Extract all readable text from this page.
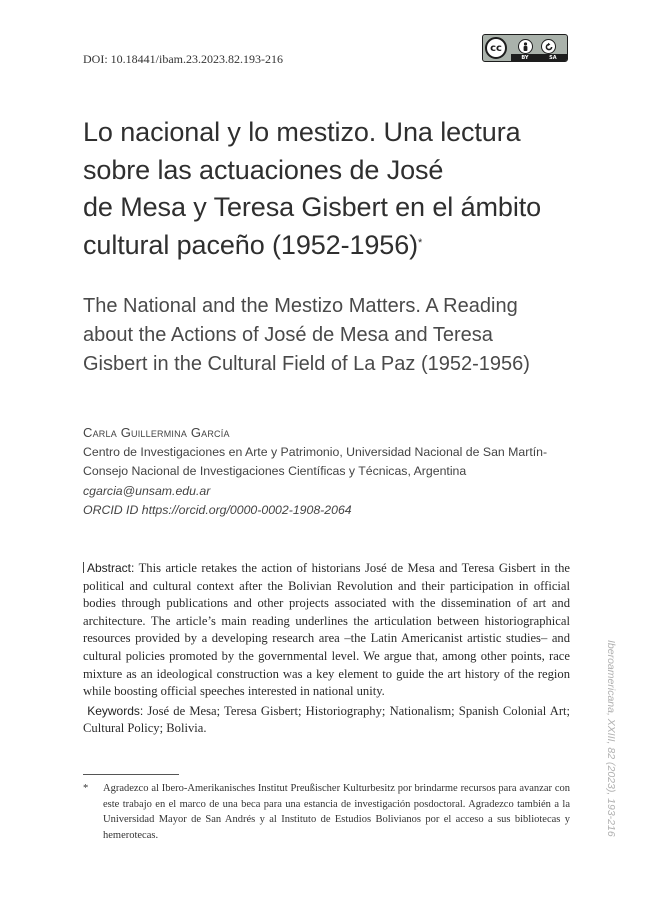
DOI: 10.18441/ibam.23.2023.82.193-216
cc
BY	SA
Lo nacional y lo mestizo. Una lectura
sobre las actuaciones de José
de Mesa y Teresa Gisbert en el ámbito
cultural paceño (1952-1956)*
The National and the Mestizo Matters. A Reading
about the Actions of José de Mesa and Teresa
Gisbert in the Cultural Field of La Paz (1952-1956)
Carla Guillermina García
Centro de Investigaciones en Arte y Patrimonio, Universidad Nacional de San Martín-
Consejo Nacional de Investigaciones Científicas y Técnicas, Argentina
cgarcia@unsam.edu.ar
ORCID ID https://orcid.org/0000-0002-1908-2064

Abstract: This article retakes the action of historians José de Mesa and Teresa Gisbert in the political and cultural context after the Bolivian Revolution and their participation in official bodies through publications and other projects associated with the dissemination of art and architecture. The article’s main reading underlines the articulation between historiographical resources provided by a developing research area –the Latin Americanist artistic studies– and cultural policies promoted by the governmental level. We argue that, among other points, race mixture as an ideological construction was a key element to guide the art history of the region while boosting official speeches interested in national unity.

Keywords: José de Mesa; Teresa Gisbert; Historiography; Nationalism; Spanish Colonial Art; Cultural Policy; Bolivia.

*	Agradezco al Ibero-Amerikanisches Institut Preußischer Kulturbesitz por brindarme recursos para avanzar con este trabajo en el marco de una beca para una estancia de investigación posdoctoral. Agradezco también a la Universidad Mayor de San Andrés y al Instituto de Estudios Bolivianos por el acceso a sus bibliotecas y hemerotecas.	Iberoamericana, XXIII, 82 (2023), 193-216
